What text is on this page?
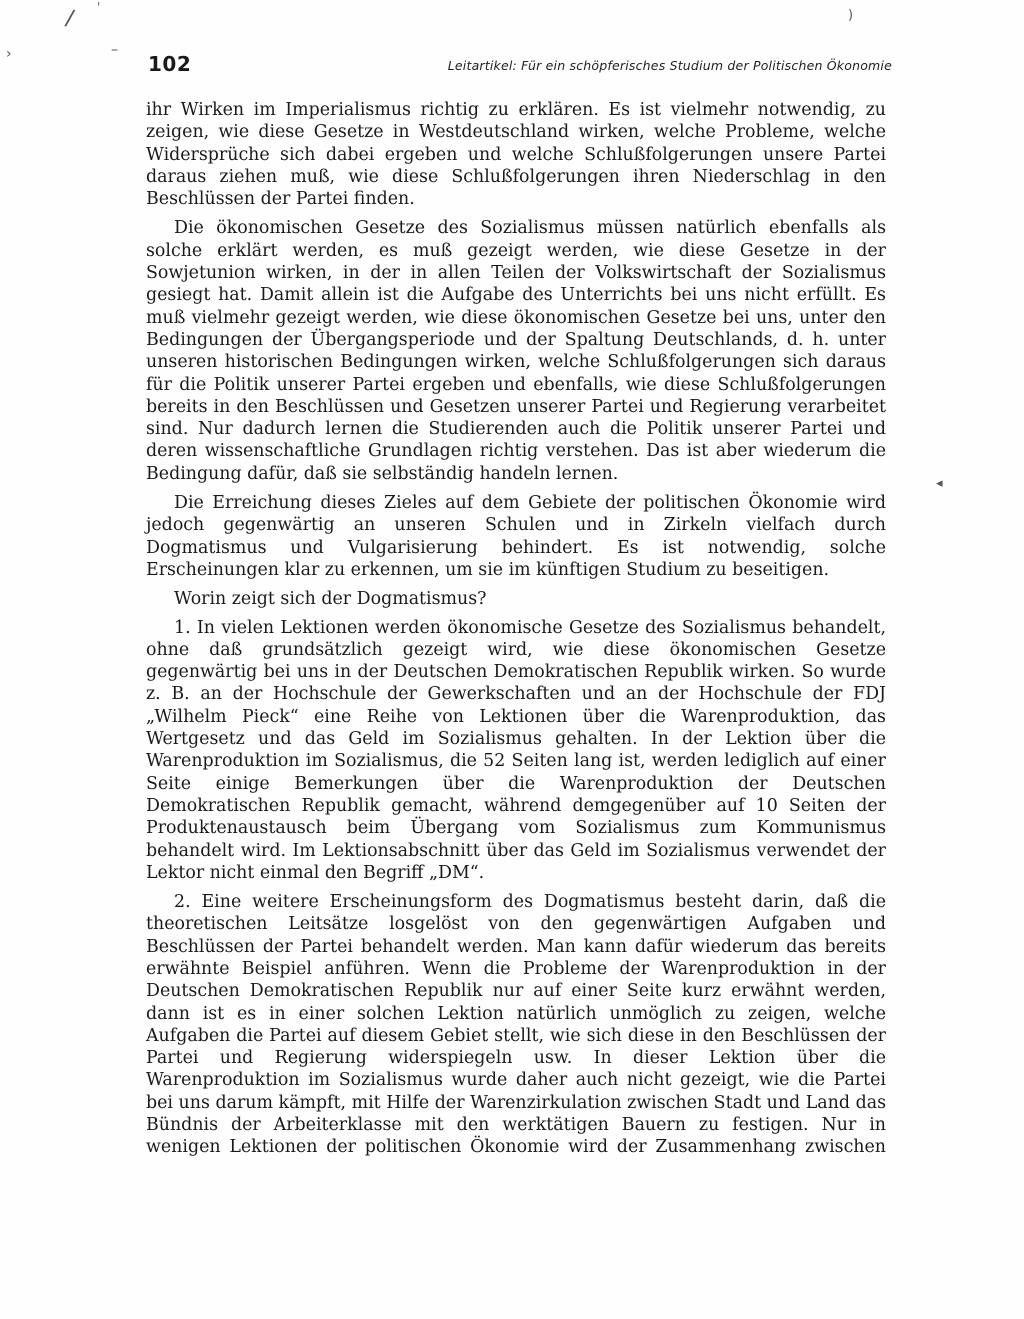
/ '
–
›
)
◂
102	Leitartikel: Für ein schöpferisches Studium der Politischen Ökonomie

ihr Wirken im Imperialismus richtig zu erklären. Es ist vielmehr notwendig, zu zeigen, wie diese Gesetze in Westdeutschland wirken, welche Probleme, welche Widersprüche sich dabei ergeben und welche Schlußfolgerungen unsere Partei daraus ziehen muß, wie diese Schlußfolgerungen ihren Niederschlag in den Beschlüssen der Partei finden.

Die ökonomischen Gesetze des Sozialismus müssen natürlich ebenfalls als solche erklärt werden, es muß gezeigt werden, wie diese Gesetze in der Sowjetunion wirken, in der in allen Teilen der Volkswirtschaft der Sozialismus gesiegt hat. Damit allein ist die Aufgabe des Unterrichts bei uns nicht erfüllt. Es muß vielmehr gezeigt werden, wie diese ökonomischen Gesetze bei uns, unter den Bedingungen der Übergangsperiode und der Spaltung Deutschlands, d. h. unter unseren historischen Bedingungen wirken, welche Schlußfolgerungen sich daraus für die Politik unserer Partei ergeben und ebenfalls, wie diese Schlußfolgerungen bereits in den Beschlüssen und Gesetzen unserer Partei und Regierung verarbeitet sind. Nur dadurch lernen die Studierenden auch die Politik unserer Partei und deren wissenschaftliche Grundlagen richtig verstehen. Das ist aber wiederum die Bedingung dafür, daß sie selbständig handeln lernen.

Die Erreichung dieses Zieles auf dem Gebiete der politischen Ökonomie wird jedoch gegenwärtig an unseren Schulen und in Zirkeln vielfach durch Dogmatismus und Vulgarisierung behindert. Es ist notwendig, solche Erscheinungen klar zu erkennen, um sie im künftigen Studium zu beseitigen.

Worin zeigt sich der Dogmatismus?

1. In vielen Lektionen werden ökonomische Gesetze des Sozialismus behandelt, ohne daß grundsätzlich gezeigt wird, wie diese ökonomischen Gesetze gegenwärtig bei uns in der Deutschen Demokratischen Republik wirken. So wurde z. B. an der Hochschule der Gewerkschaften und an der Hochschule der FDJ „Wilhelm Pieck“ eine Reihe von Lektionen über die Warenproduktion, das Wertgesetz und das Geld im Sozialismus gehalten. In der Lektion über die Warenproduktion im Sozialismus, die 52 Seiten lang ist, werden lediglich auf einer Seite einige Bemerkungen über die Warenproduktion der Deutschen Demokratischen Republik gemacht, während demgegenüber auf 10 Seiten der Produktenaustausch beim Übergang vom Sozialismus zum Kommunismus behandelt wird. Im Lektionsabschnitt über das Geld im Sozialismus verwendet der Lektor nicht einmal den Begriff „DM“.

2. Eine weitere Erscheinungsform des Dogmatismus besteht darin, daß die theoretischen Leitsätze losgelöst von den gegenwärtigen Aufgaben und Beschlüssen der Partei behandelt werden. Man kann dafür wiederum das bereits erwähnte Beispiel anführen. Wenn die Probleme der Warenproduktion in der Deutschen Demokratischen Republik nur auf einer Seite kurz erwähnt werden, dann ist es in einer solchen Lektion natürlich unmöglich zu zeigen, welche Aufgaben die Partei auf diesem Gebiet stellt, wie sich diese in den Beschlüssen der Partei und Regierung widerspiegeln usw. In dieser Lektion über die Warenproduktion im Sozialismus wurde daher auch nicht gezeigt, wie die Partei bei uns darum kämpft, mit Hilfe der Warenzirkulation zwischen Stadt und Land das Bündnis der Arbeiterklasse mit den werktätigen Bauern zu festigen. Nur in wenigen Lektionen der politischen Ökonomie wird der Zusammenhang zwischen
